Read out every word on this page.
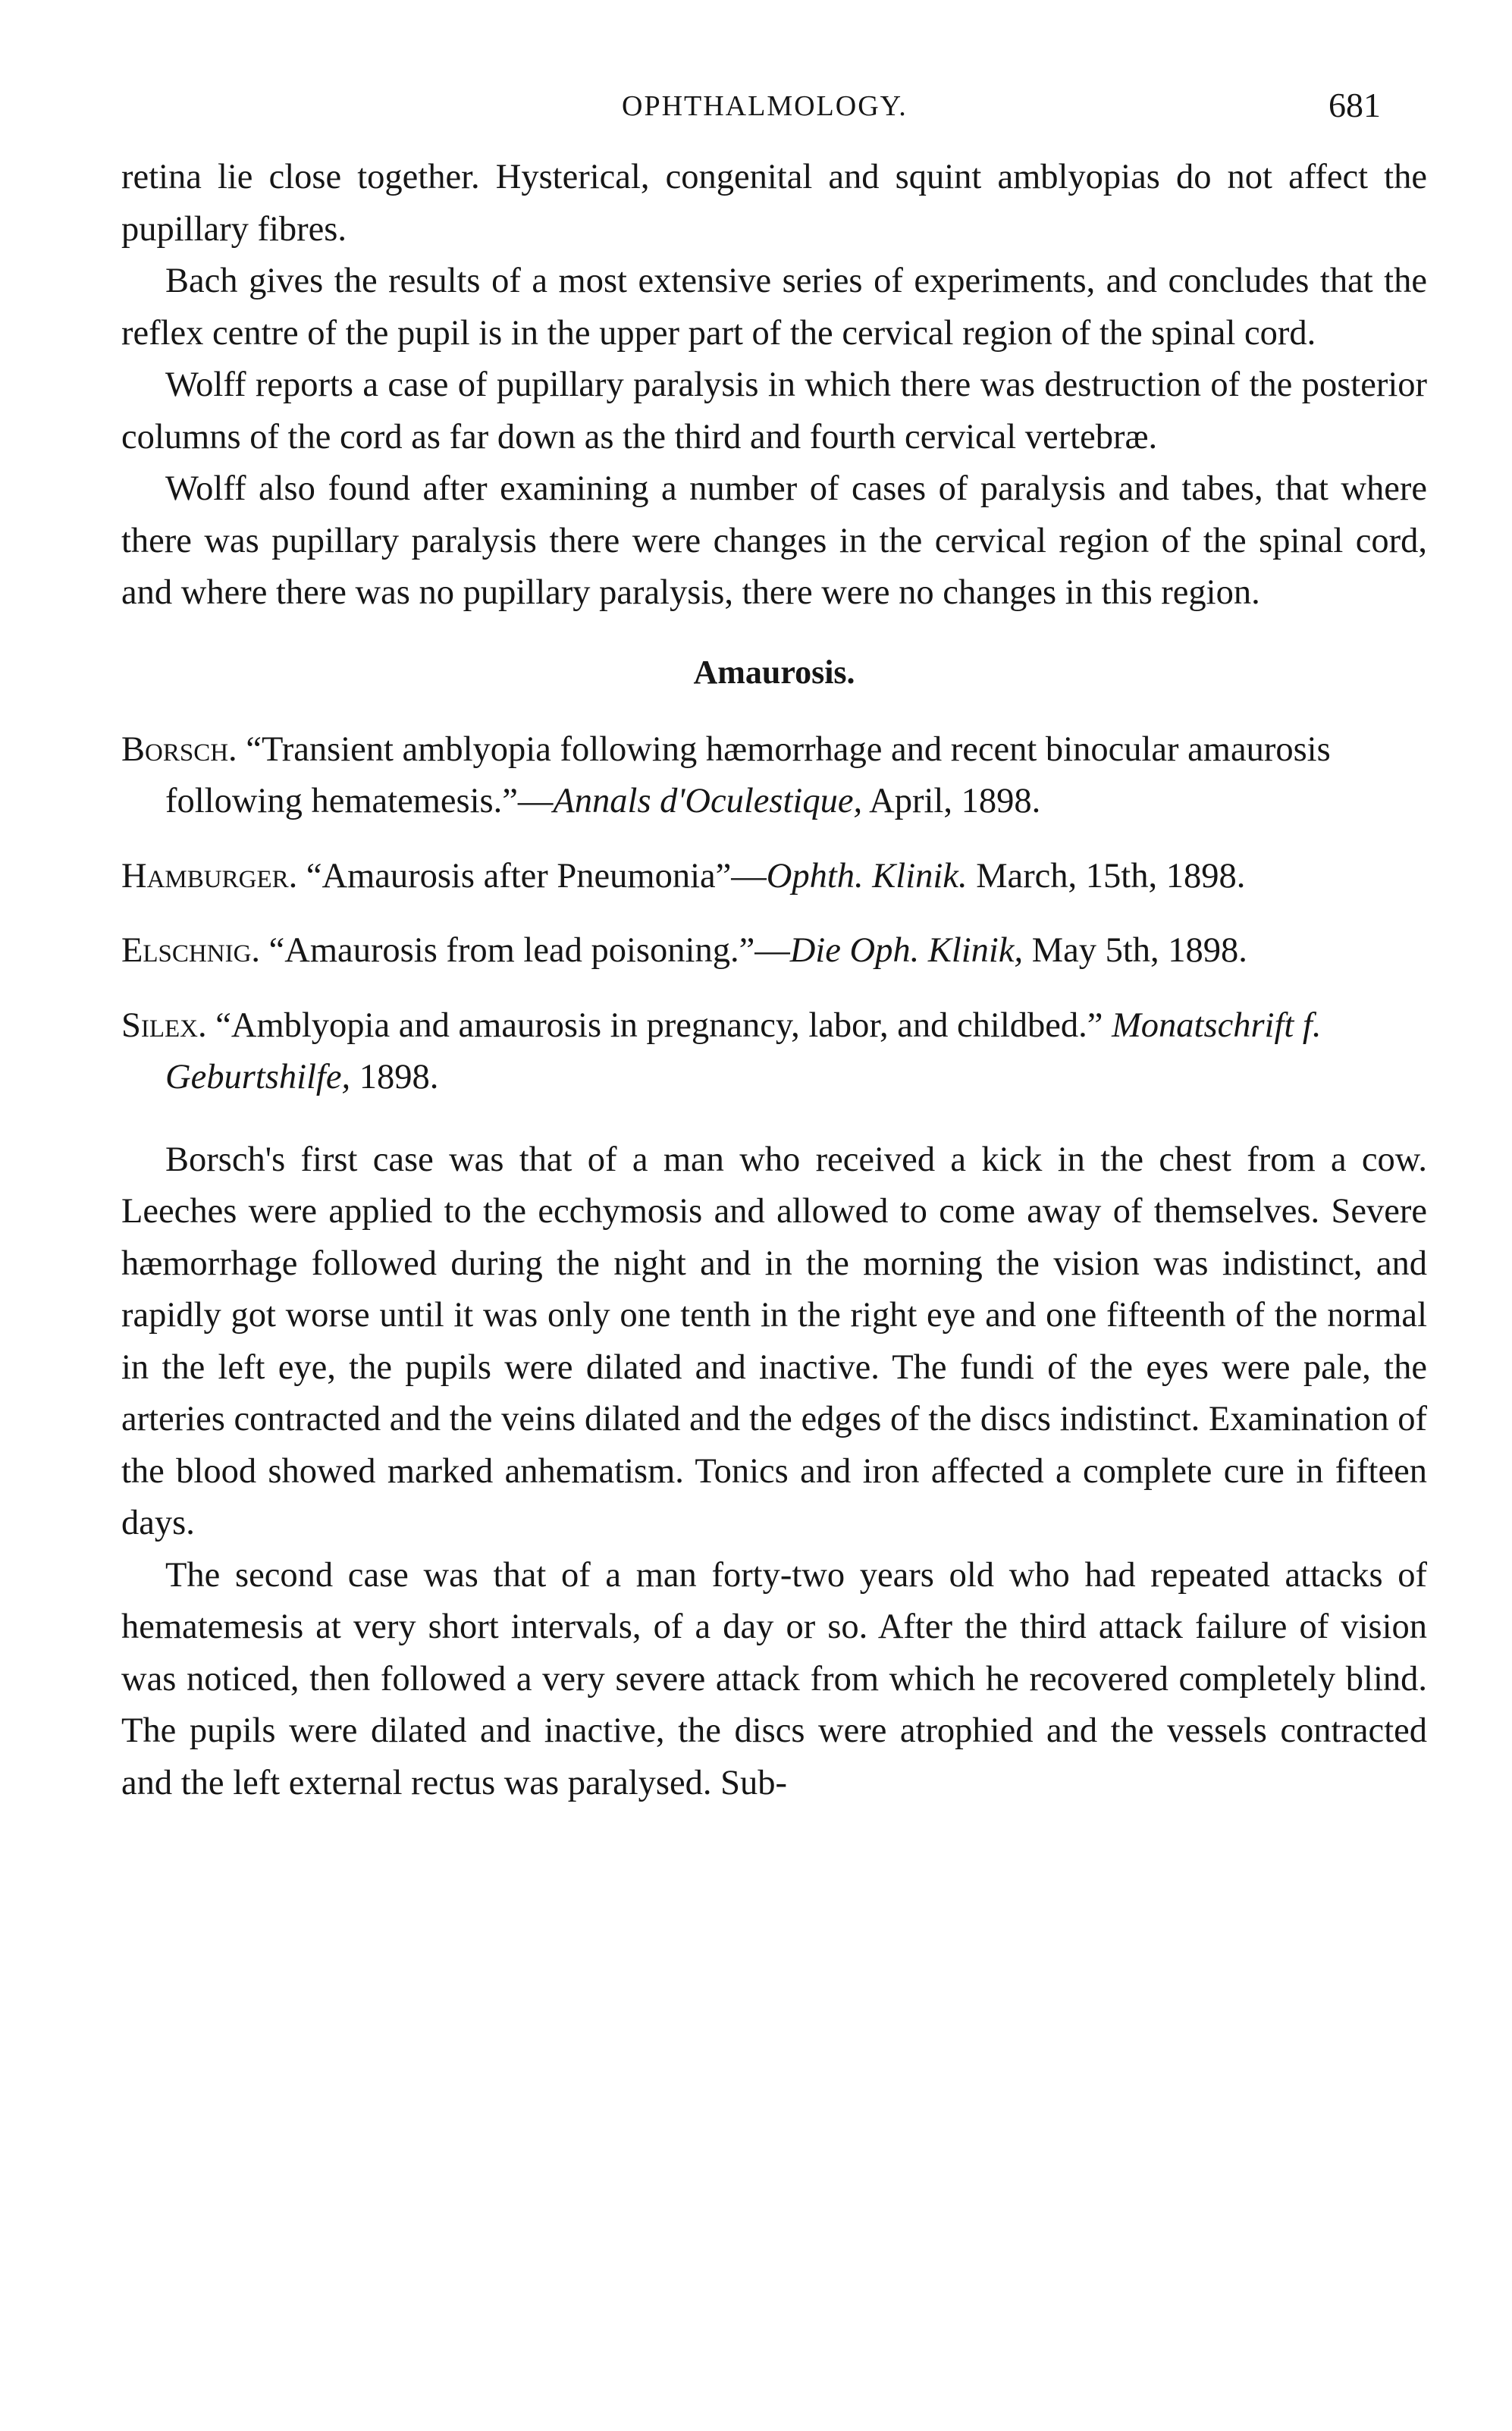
OPHTHALMOLOGY.	681

retina lie close together. Hysterical, congenital and squint amblyopias do not affect the pupillary fibres.

Bach gives the results of a most extensive series of experiments, and concludes that the reflex centre of the pupil is in the upper part of the cervical region of the spinal cord.

Wolff reports a case of pupillary paralysis in which there was destruction of the posterior columns of the cord as far down as the third and fourth cervical vertebræ.

Wolff also found after examining a number of cases of paralysis and tabes, that where there was pupillary paralysis there were changes in the cervical region of the spinal cord, and where there was no pupillary paralysis, there were no changes in this region.

Amaurosis.

Borsch. “Transient amblyopia following hæmorrhage and recent binocular amaurosis following hematemesis.”—Annals d'Oculestique, April, 1898.

Hamburger. “Amaurosis after Pneumonia”—Ophth. Klinik. March, 15th, 1898.

Elschnig. “Amaurosis from lead poisoning.”—Die Oph. Klinik, May 5th, 1898.

Silex. “Amblyopia and amaurosis in pregnancy, labor, and childbed.” Monatschrift f. Geburtshilfe, 1898.

Borsch's first case was that of a man who received a kick in the chest from a cow. Leeches were applied to the ecchymosis and allowed to come away of themselves. Severe hæmorrhage followed during the night and in the morning the vision was indistinct, and rapidly got worse until it was only one tenth in the right eye and one fifteenth of the normal in the left eye, the pupils were dilated and inactive. The fundi of the eyes were pale, the arteries contracted and the veins dilated and the edges of the discs indistinct. Examination of the blood showed marked anhematism. Tonics and iron affected a complete cure in fifteen days.

The second case was that of a man forty-two years old who had repeated attacks of hematemesis at very short intervals, of a day or so. After the third attack failure of vision was noticed, then followed a very severe attack from which he recovered completely blind. The pupils were dilated and inactive, the discs were atrophied and the vessels contracted and the left external rectus was paralysed. Sub-
